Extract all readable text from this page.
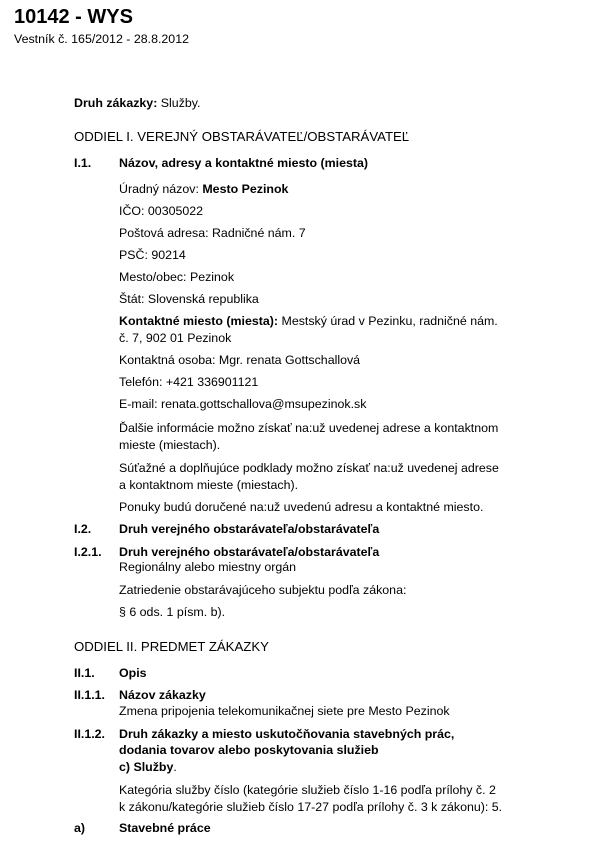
10142 - WYS
Vestník č. 165/2012 - 28.8.2012
Druh zákazky: Služby.
ODDIEL I. VEREJNÝ OBSTARÁVATEĽ/OBSTARÁVATEĽ
I.1. Názov, adresy a kontaktné miesto (miesta)
Úradný názov: Mesto Pezinok
IČO: 00305022
Poštová adresa: Radničné nám. 7
PSČ: 90214
Mesto/obec: Pezinok
Štát: Slovenská republika
Kontaktné miesto (miesta): Mestský úrad v Pezinku, radničné nám.
č. 7, 902 01 Pezinok
Kontaktná osoba: Mgr. renata Gottschallová
Telefón: +421 336901121
E-mail: renata.gottschallova@msupezinok.sk
Ďalšie informácie možno získať na:už uvedenej adrese a kontaktnom
mieste (miestach).
Súťažné a doplňujúce podklady možno získať na:už uvedenej adrese
a kontaktnom mieste (miestach).
Ponuky budú doručené na:už uvedenú adresu a kontaktné miesto.
I.2. Druh verejného obstarávateľa/obstarávateľa
I.2.1. Druh verejného obstarávateľa/obstarávateľa
Regionálny alebo miestny orgán
Zatriedenie obstarávajúceho subjektu podľa zákona:
§ 6 ods. 1 písm. b).
ODDIEL II. PREDMET ZÁKAZKY
II.1. Opis
II.1.1. Názov zákazky
Zmena pripojenia telekomunikačnej siete pre Mesto Pezinok
II.1.2. Druh zákazky a miesto uskutočňovania stavebných prác,
dodania tovarov alebo poskytovania služieb
c) Služby.
Kategória služby číslo (kategórie služieb číslo 1-16 podľa prílohy č. 2
k zákonu/kategórie služieb číslo 17-27 podľa prílohy č. 3 k zákonu): 5.
a)	Stavebné práce
